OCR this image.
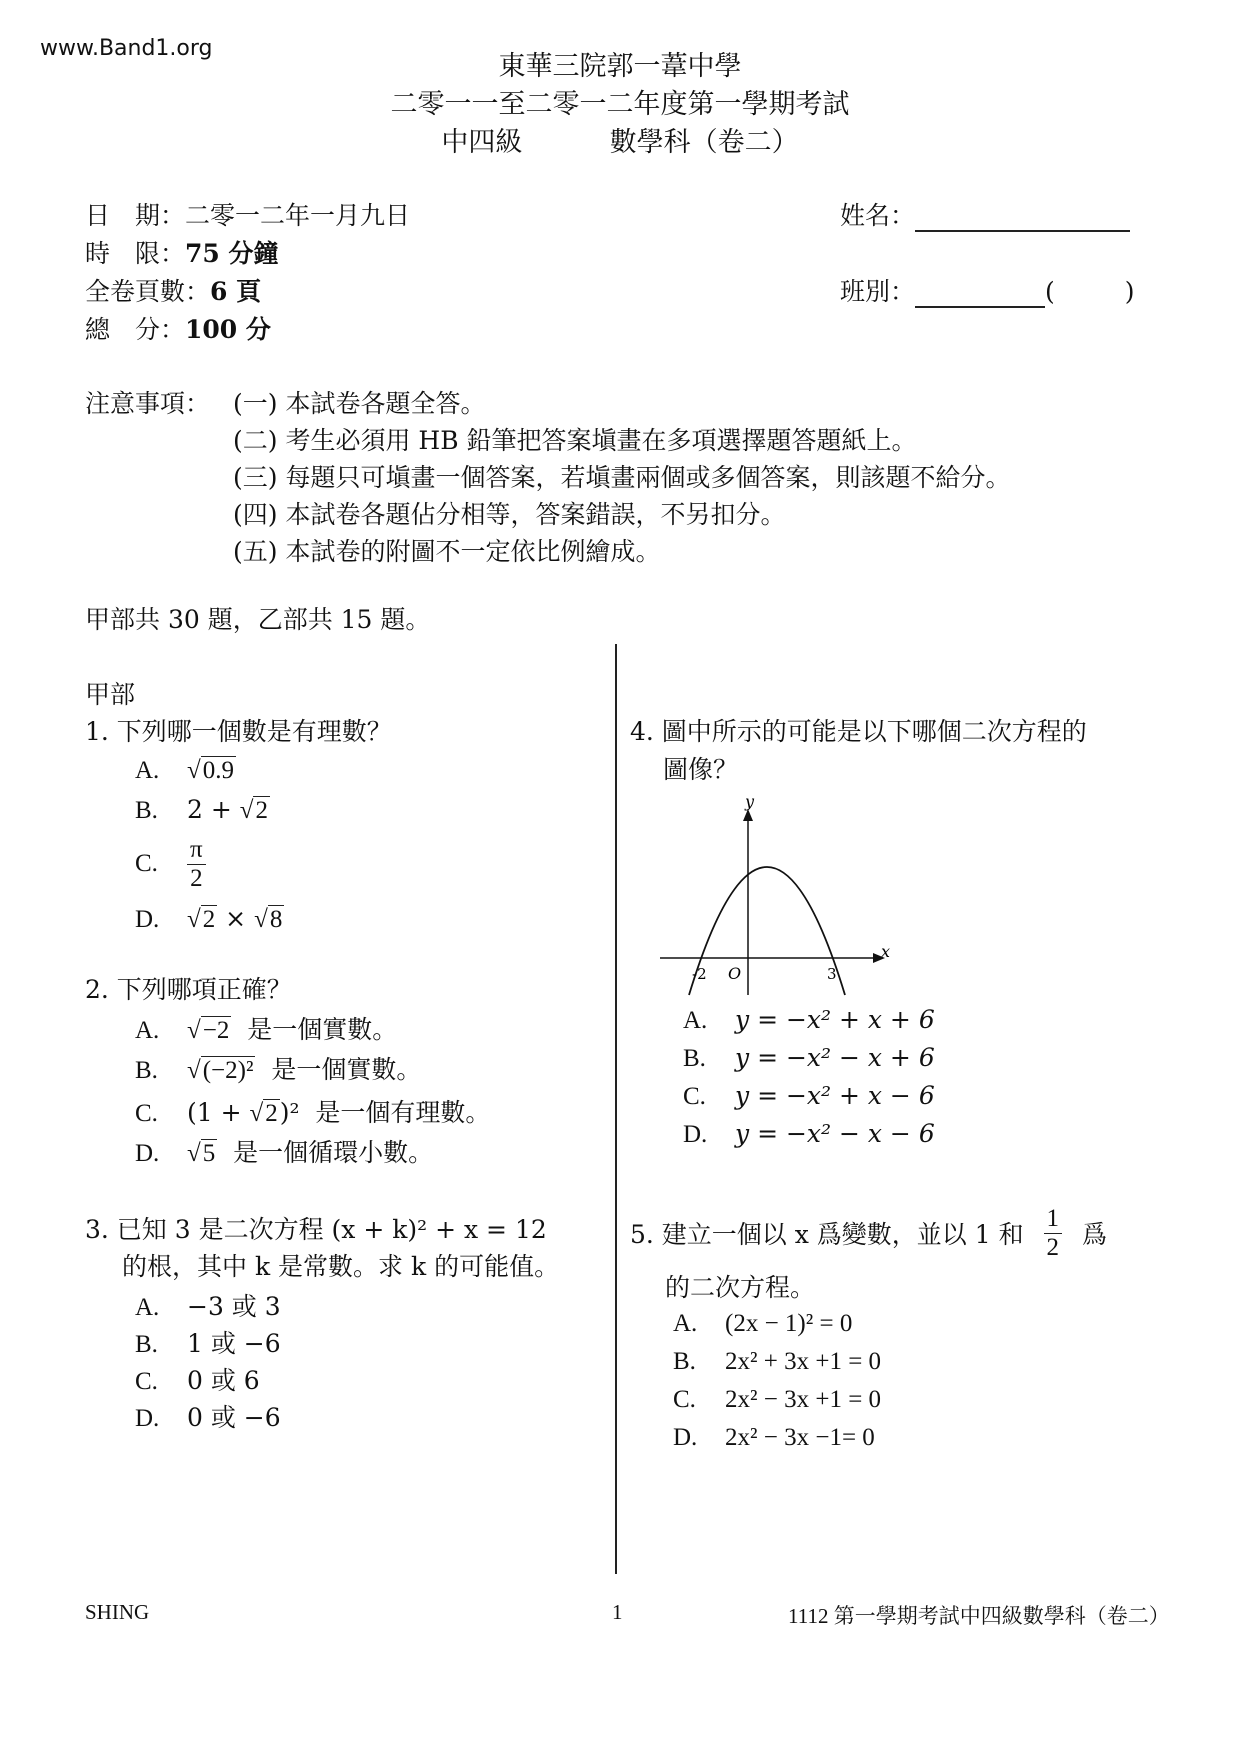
www.Band1.org
東華三院郭一葦中學
二零一一至二零一二年度第一學期考試
中四級	數學科（卷二）
日　期：二零一二年一月九日
時　限：75 分鐘
全卷頁數：6 頁
總　分：100 分
姓名：
班別：	(	)
注意事項： (一) 本試卷各題全答。
(二) 考生必須用 HB 鉛筆把答案塡畫在多項選擇題答題紙上。
(三) 每題只可塡畫一個答案，若塡畫兩個或多個答案，則該題不給分。
(四) 本試卷各題佔分相等，答案錯誤，不另扣分。
(五) 本試卷的附圖不一定依比例繪成。
甲部共 30 題，乙部共 15 題。
甲部
1. 下列哪一個數是有理數？
A. √0.9
B. 2 + √2
C. $\frac{\pi}{2}$
D. √2 × √8
2. 下列哪項正確？
A. √−2 是一個實數。
B. √(−2)² 是一個實數。
C. (1 + √2)² 是一個有理數。
D. √5 是一個循環小數。
3. 已知 3 是二次方程 (x + k)² + x = 12
的根，其中 k 是常數。求 k 的可能值。
A. −3 或 3
B. 1 或 −6
C. 0 或 6
D. 0 或 −6
4. 圖中所示的可能是以下哪個二次方程的
圖像？
y
x
O
-2	3
A. y = −x² + x + 6
B. y = −x² − x + 6
C. y = −x² + x − 6
D. y = −x² − x − 6
5. 建立一個以 x 爲變數，並以 1 和 $\frac{1}{2}$ 爲
的二次方程。
A. (2x − 1)² = 0
B. 2x² + 3x +1 = 0
C. 2x² − 3x +1 = 0
D. 2x² − 3x −1= 0
SHING	1	1112 第一學期考試中四級數學科（卷二）
